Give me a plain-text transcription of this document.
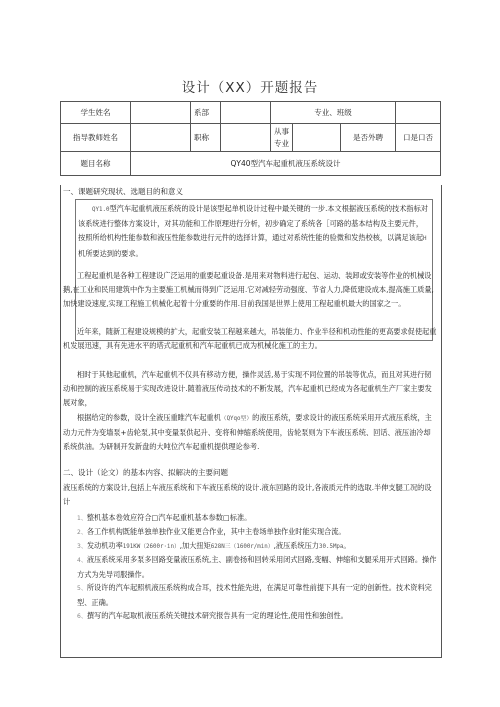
设计（XX）开题报告
学生姓名		系部		专业、班级			
指导教师姓名		职称		从事专业		是否外聘	口是口否
题目名称	QY40型汽车起重机液压系统设计						
一、课题研究现状、选题目的和意义

QY1.0型汽车起重机液压系统的设计是该型起单机设计过程中最关键的一步.本文根据液压系统的技术指标对该系统进行整体方案设计，对其功能和工作原理进行分析，初步确定了系统各［可路的基本结构及主要元件，按照所给机构性能参数和液压性能参数进行元件的选择计算，通过对系统性能的验微和发热校核，以满足该起H机所要达到的要求。

工程起重机是各种工程建设广泛运用的重要起重设备.是用来对物料进行起包、运动、装卸或安装等作业的机械设鹅,在工业和民用建筑中作为主要施工机械而得到广泛运用.它对减轻劳动强度、节省人力,降低建设成本,提高施工质量,加快建设速度,实现工程施工机械化起着十分重要的作用.目前我国是世界上使用工程起重机最大的国家之一。

近年来，随新工程建设规模的扩大，起重安装工程越来越大，吊装能力、作业半径和机动性能的更高要求促使起重机发展迅速，具有先进水平的塔式起重机和汽车起重机已成为机械化施工的主力。

相时于其他起重机，汽车起重机不仅具有移动方便，操作灵活,易于实现不同位置的吊装等优点，而且对其进行韧动和控制的液压系统易于实现改进设计.随着液压传动技术的不断发展，汽车起重机已经成为各起重机生产厂家主要发展对象，

根据给定的参数，设计全液压重睢汽车起重机（QYqo型）的液压系统，要求设计的液压系统采用开式液压系统，主动力元件为变墙泵+齿轮泵,其中变量泵供起升、变将和伸缩系统使用，齿轮泵则为下车液压系统、回话、液压油冷却系统供油。为研制开发新盘的大吨位汽车起重机提供理论参考.

二、设计（论文）的基本内容、拟解决的主要问题

液压系统的方案设计,包括上车液压系统和下车液压系统的设计.液东回路的设计,各液质元件的选取.半伸支腿工况的设计

1、整机基本卷效应符合□汽车起重机基本参数□标准。
2、各工作机构既能单独单独作业又能更合作业，其中主卷场单独作业时能实现合流。
3、发动机功率191KW（2600r·in）,加大扭矩628N三（1600r/min）,液压系统压力30.5Mpa。
4、液压系统采用多泵多回路变量液压系统,主、副卷扬和回转采用闭式回路,变幅、伸缩和支腿采用开式回路。操作方式为先导司服操作。
5、所设许的汽车起照机液压系统构成合耳，技术性能先进，在满足可靠性前提下具有一定的创新性。技术资料完型、正确。
6、撰写的汽车起取机液压系统关键技术研究报告具有一定的理论性,使用性和独创性。
